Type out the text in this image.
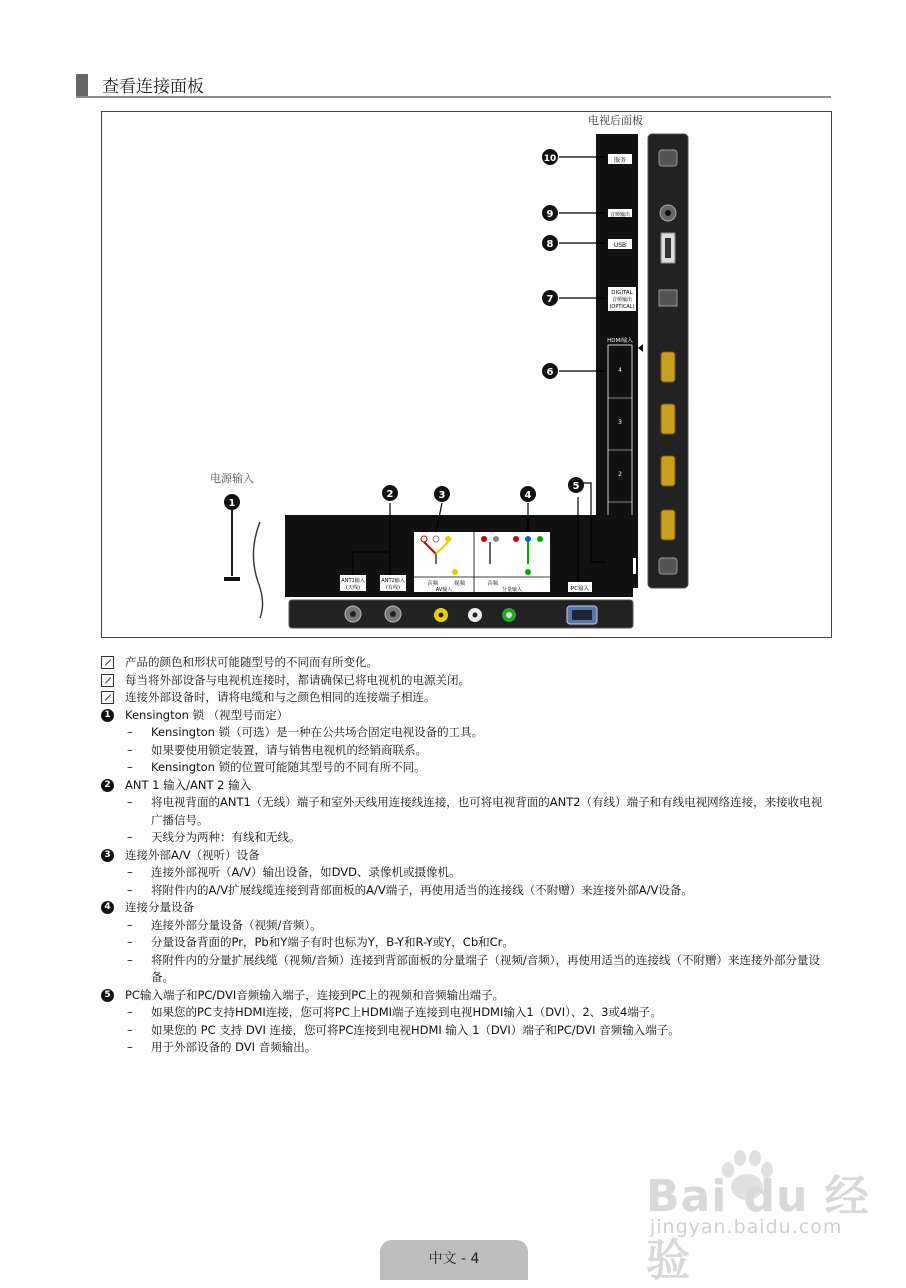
查看连接面板
电视后面板
服务
音频输出
USB
DIGITAL
音频输出
(OPTICAL)
HDMI输入
4
3
2
ANT1输入
(天线)
ANT2输入
(有线)
音频	视频	音频
AV输入	分量输入	PC输入
电源输入
10
9
8
7
6
5
4
3
2
1
产品的颜色和形状可能随型号的不同而有所变化。
每当将外部设备与电视机连接时，都请确保已将电视机的电源关闭。
连接外部设备时，请将电缆和与之颜色相同的连接端子相连。
1 Kensington 锁 （视型号而定）
– Kensington 锁（可选）是一种在公共场合固定电视设备的工具。
– 如果要使用锁定装置，请与销售电视机的经销商联系。
– Kensington 锁的位置可能随其型号的不同有所不同。
2 ANT 1 输入/ANT 2 输入
– 将电视背面的ANT1（无线）端子和室外天线用连接线连接，也可将电视背面的ANT2（有线）端子和有线电视网络连接，来接收电视广播信号。
– 天线分为两种：有线和无线。
3 连接外部A/V（视听）设备
– 连接外部视听（A/V）输出设备，如DVD、录像机或摄像机。
– 将附件内的A/V扩展线缆连接到背部面板的A/V端子，再使用适当的连接线（不附赠）来连接外部A/V设备。
4 连接分量设备
– 连接外部分量设备（视频/音频）。
– 分量设备背面的Pr，Pb和Y端子有时也标为Y，B-Y和R-Y或Y，Cb和Cr。
– 将附件内的分量扩展线缆（视频/音频）连接到背部面板的分量端子（视频/音频），再使用适当的连接线（不附赠）来连接外部分量设备。
5 PC输入端子和PC/DVI音频输入端子，连接到PC上的视频和音频输出端子。
– 如果您的PC支持HDMI连接，您可将PC上HDMI端子连接到电视HDMI输入1（DVI）、2、3或4端子。
– 如果您的 PC 支持 DVI 连接，您可将PC连接到电视HDMI 输入 1（DVI）端子和PC/DVI 音频输入端子。
– 用于外部设备的 DVI 音频输出。
Bai du 经验
jingyan.baidu.com
中文 - 4
